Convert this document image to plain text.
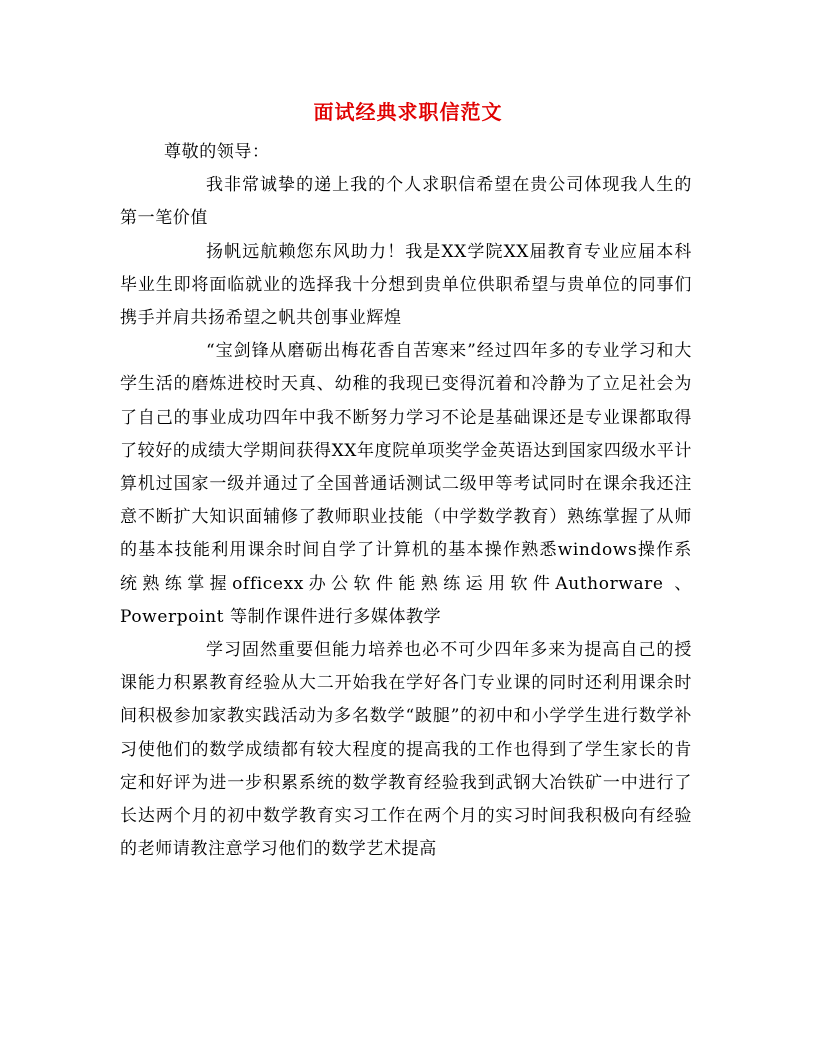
面试经典求职信范文

尊敬的领导：

我非常诚挚的递上我的个人求职信希望在贵公司体现我人生的第一笔价值

扬帆远航赖您东风助力！我是XX学院XX届教育专业应届本科毕业生即将面临就业的选择我十分想到贵单位供职希望与贵单位的同事们携手并肩共扬希望之帆共创事业辉煌

“宝剑锋从磨砺出梅花香自苦寒来”经过四年多的专业学习和大学生活的磨炼进校时天真、幼稚的我现已变得沉着和冷静为了立足社会为了自己的事业成功四年中我不断努力学习不论是基础课还是专业课都取得了较好的成绩大学期间获得XX年度院单项奖学金英语达到国家四级水平计算机过国家一级并通过了全国普通话测试二级甲等考试同时在课余我还注意不断扩大知识面辅修了教师职业技能（中学数学教育）熟练掌握了从师的基本技能利用课余时间自学了计算机的基本操作熟悉windows操作系统熟练掌握officexx办公软件能熟练运用软件Authorware 、Powerpoint 等制作课件进行多媒体教学

学习固然重要但能力培养也必不可少四年多来为提高自己的授课能力积累教育经验从大二开始我在学好各门专业课的同时还利用课余时间积极参加家教实践活动为多名数学“跛腿”的初中和小学学生进行数学补习使他们的数学成绩都有较大程度的提高我的工作也得到了学生家长的肯定和好评为进一步积累系统的数学教育经验我到武钢大冶铁矿一中进行了长达两个月的初中数学教育实习工作在两个月的实习时间我积极向有经验的老师请教注意学习他们的数学艺术提高
